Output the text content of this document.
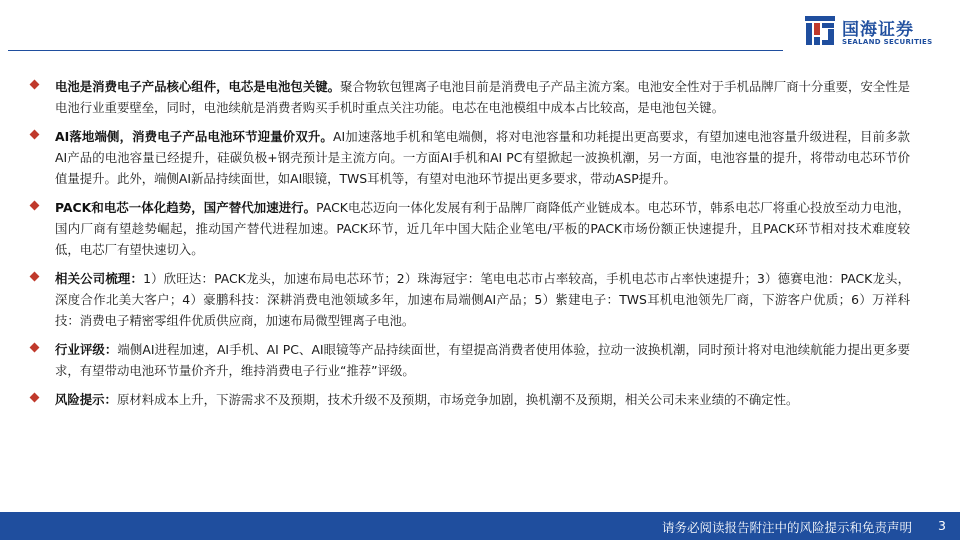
国海证券
SEALAND SECURITIES
电池是消费电子产品核心组件，电芯是电池包关键。聚合物软包锂离子电池目前是消费电子产品主流方案。电池安全性对于手机品牌厂商十分重要，安全性是电池行业重要壁垒，同时，电池续航是消费者购买手机时重点关注功能。电芯在电池模组中成本占比较高，是电池包关键。
AI落地端侧，消费电子产品电池环节迎量价双升。AI加速落地手机和笔电端侧，将对电池容量和功耗提出更高要求，有望加速电池容量升级进程，目前多款AI产品的电池容量已经提升，硅碳负极+钢壳预计是主流方向。一方面AI手机和AI PC有望掀起一波换机潮，另一方面，电池容量的提升，将带动电芯环节价值量提升。此外，端侧AI新品持续面世，如AI眼镜，TWS耳机等，有望对电池环节提出更多要求，带动ASP提升。
PACK和电芯一体化趋势，国产替代加速进行。PACK电芯迈向一体化发展有利于品牌厂商降低产业链成本。电芯环节，韩系电芯厂将重心投放至动力电池，国内厂商有望趁势崛起，推动国产替代进程加速。PACK环节，近几年中国大陆企业笔电/平板的PACK市场份额正快速提升，且PACK环节相对技术难度较低，电芯厂有望快速切入。
相关公司梳理：1）欣旺达：PACK龙头，加速布局电芯环节；2）珠海冠宇：笔电电芯市占率较高，手机电芯市占率快速提升；3）德赛电池：PACK龙头，深度合作北美大客户；4）豪鹏科技：深耕消费电池领域多年，加速布局端侧AI产品；5）紫建电子：TWS耳机电池领先厂商，下游客户优质；6）万祥科技：消费电子精密零组件优质供应商，加速布局微型锂离子电池。
行业评级：端侧AI进程加速，AI手机、AI PC、AI眼镜等产品持续面世，有望提高消费者使用体验，拉动一波换机潮，同时预计将对电池续航能力提出更多要求，有望带动电池环节量价齐升，维持消费电子行业“推荐”评级。
风险提示：原材料成本上升，下游需求不及预期，技术升级不及预期，市场竞争加剧，换机潮不及预期，相关公司未来业绩的不确定性。
请务必阅读报告附注中的风险提示和免责声明 3
